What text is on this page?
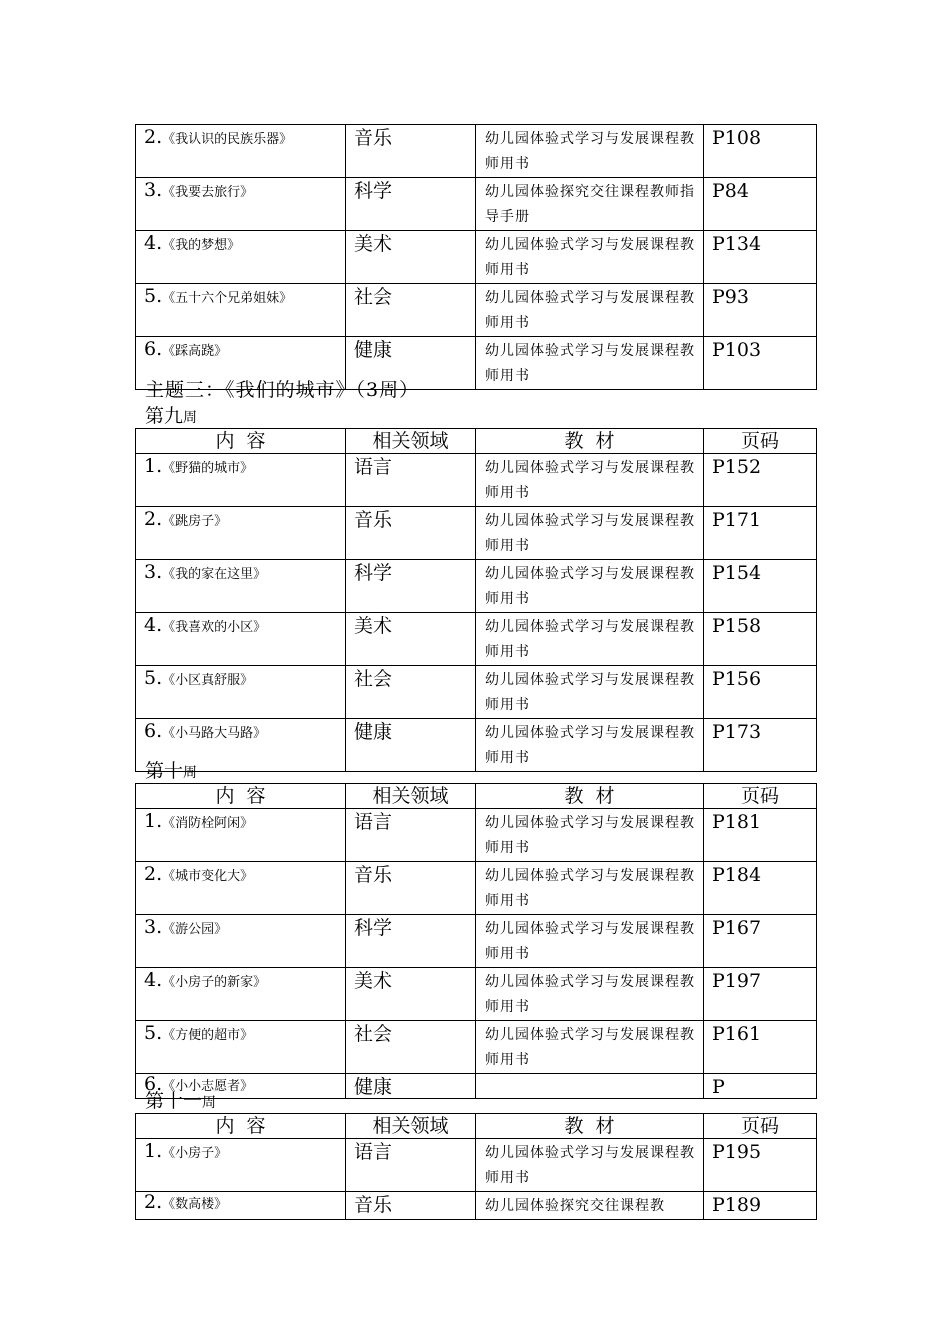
2.《我认识的民族乐器》	音乐	幼儿园体验式学习与发展课程教师用书	P108

3.《我要去旅行》	科学	幼儿园体验探究交往课程教师指导手册	P84

4.《我的梦想》	美术	幼儿园体验式学习与发展课程教师用书	P134

5.《五十六个兄弟姐妹》	社会	幼儿园体验式学习与发展课程教师用书	P93

6.《踩高跷》	健康	幼儿园体验式学习与发展课程教师用书	P103
主题三：《我们的城市》（3周）
第九周
内  容	相关领域	教  材	页码

1.《野猫的城市》	语言	幼儿园体验式学习与发展课程教师用书	P152

2.《跳房子》	音乐	幼儿园体验式学习与发展课程教师用书	P171

3.《我的家在这里》	科学	幼儿园体验式学习与发展课程教师用书	P154

4.《我喜欢的小区》	美术	幼儿园体验式学习与发展课程教师用书	P158

5.《小区真舒服》	社会	幼儿园体验式学习与发展课程教师用书	P156

6.《小马路大马路》	健康	幼儿园体验式学习与发展课程教师用书	P173
第十周
内  容	相关领域	教  材	页码

1.《消防栓阿闲》	语言	幼儿园体验式学习与发展课程教师用书	P181

2.《城市变化大》	音乐	幼儿园体验式学习与发展课程教师用书	P184

3.《游公园》	科学	幼儿园体验式学习与发展课程教师用书	P167

4.《小房子的新家》	美术	幼儿园体验式学习与发展课程教师用书	P197

5.《方便的超市》	社会	幼儿园体验式学习与发展课程教师用书	P161

6.《小小志愿者》	健康		P
第十一周
内  容	相关领域	教  材	页码

1.《小房子》	语言	幼儿园体验式学习与发展课程教师用书	P195

2.《数高楼》	音乐	幼儿园体验探究交往课程教	P189
